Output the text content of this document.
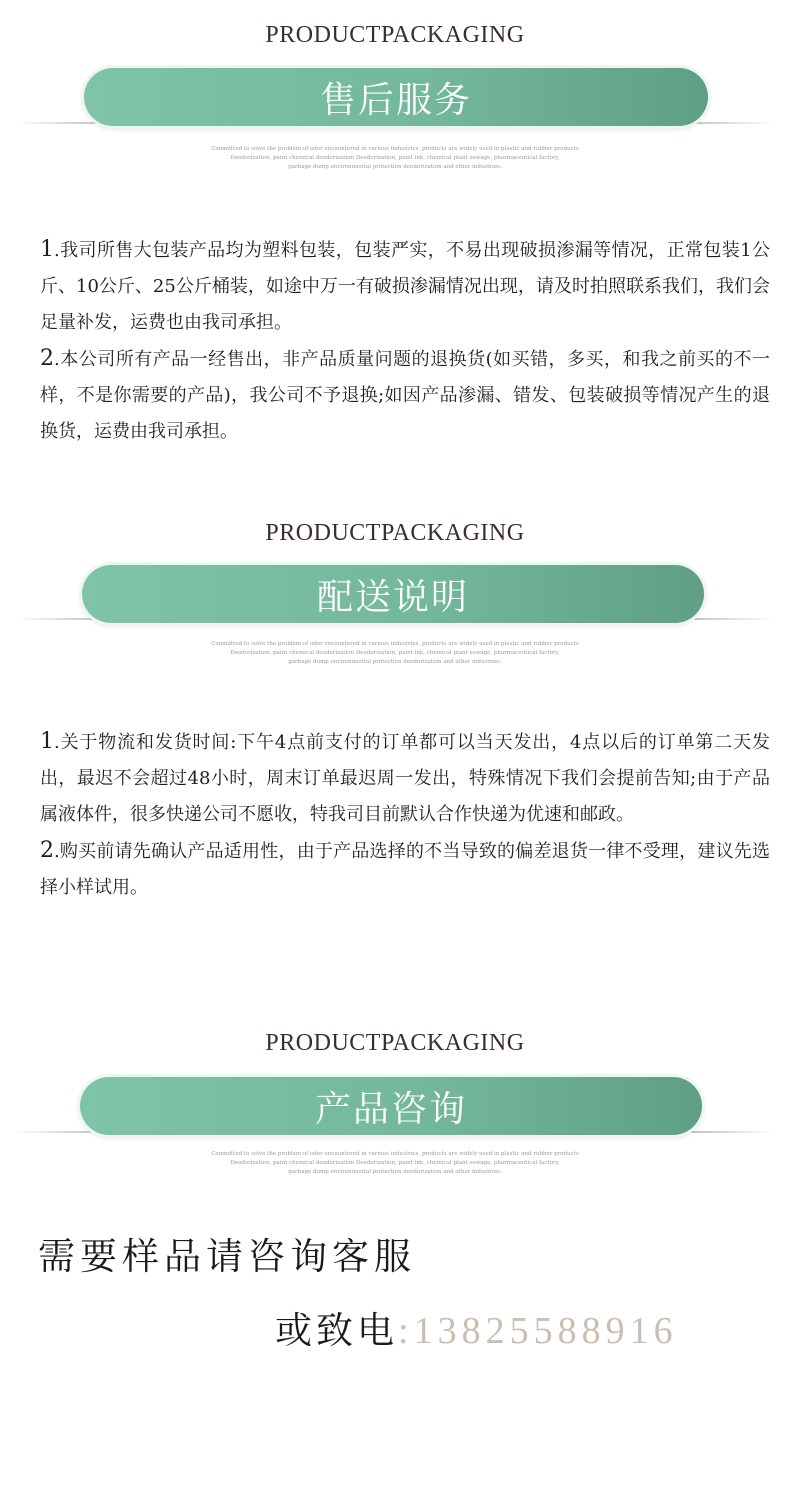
PRODUCTPACKAGING
售后服务
Committed to solve the problem of odor encountered in various industries, products are widely used in plastic and rubber products
Deodorization, paint chemical deodorization Deodorization, paint ink, chemical plant sewage, pharmaceutical factory,
garbage dump environmental protection deodorization and other industries.

1.我司所售大包装产品均为塑料包装，包装严实，不易出现破损渗漏等情况，正常包装1公斤、10公斤、25公斤桶装，如途中万一有破损渗漏情况出现，请及时拍照联系我们，我们会足量补发，运费也由我司承担。

2.本公司所有产品一经售出，非产品质量问题的退换货(如买错，多买，和我之前买的不一样，不是你需要的产品)，我公司不予退换;如因产品渗漏、错发、包装破损等情况产生的退换货，运费由我司承担。

PRODUCTPACKAGING
配送说明
Committed to solve the problem of odor encountered in various industries, products are widely used in plastic and rubber products
Deodorization, paint chemical deodorization Deodorization, paint ink, chemical plant sewage, pharmaceutical factory,
garbage dump environmental protection deodorization and other industries.

1.关于物流和发货时间:下午4点前支付的订单都可以当天发出，4点以后的订单第二天发出，最迟不会超过48小时，周末订单最迟周一发出，特殊情况下我们会提前告知;由于产品属液体件，很多快递公司不愿收，特我司目前默认合作快递为优速和邮政。

2.购买前请先确认产品适用性，由于产品选择的不当导致的偏差退货一律不受理，建议先选择小样试用。

PRODUCTPACKAGING
产品咨询
Committed to solve the problem of odor encountered in various industries, products are widely used in plastic and rubber products
Deodorization, paint chemical deodorization Deodorization, paint ink, chemical plant sewage, pharmaceutical factory,
garbage dump environmental protection deodorization and other industries.
需要样品请咨询客服
或致电:13825588916
